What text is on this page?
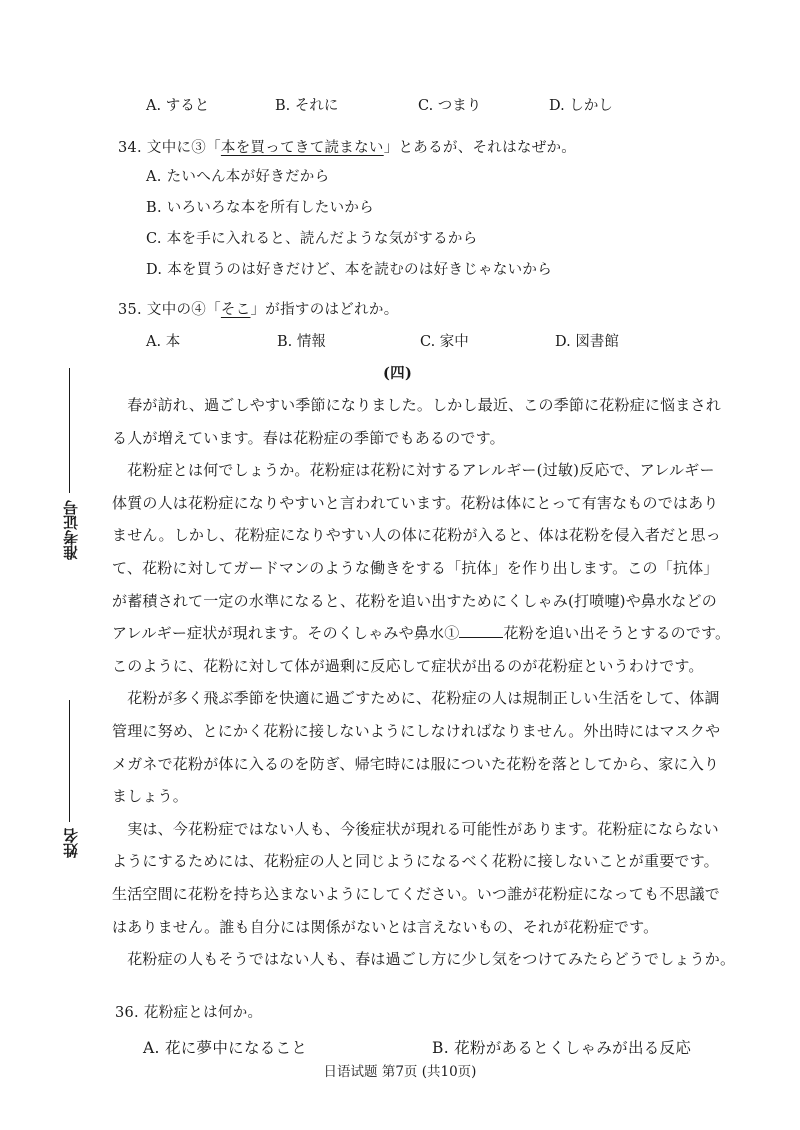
准考证号
姓名
A. すると	B. それに	C. つまり	D. しかし
34. 文中に③「本を買ってきて読まない」とあるが、それはなぜか。
A. たいへん本が好きだから
B. いろいろな本を所有したいから
C. 本を手に入れると、読んだような気がするから
D. 本を買うのは好きだけど、本を読むのは好きじゃないから
35. 文中の④「そこ」が指すのはどれか。
A. 本	B. 情報	C. 家中	D. 図書館
(四)
　春が訪れ、過ごしやすい季節になりました。しかし最近、この季節に花粉症に悩まされ
る人が増えています。春は花粉症の季節でもあるのです。
　花粉症とは何でしょうか。花粉症は花粉に対するアレルギー(过敏)反応で、アレルギー
体質の人は花粉症になりやすいと言われています。花粉は体にとって有害なものではあり
ません。しかし、花粉症になりやすい人の体に花粉が入ると、体は花粉を侵入者だと思っ
て、花粉に対してガードマンのような働きをする「抗体」を作り出します。この「抗体」
が蓄積されて一定の水準になると、花粉を追い出すためにくしゃみ(打喷嚏)や鼻水などの
アレルギー症状が現れます。そのくしゃみや鼻水①	花粉を追い出そうとするのです。
このように、花粉に対して体が過剰に反応して症状が出るのが花粉症というわけです。
　花粉が多く飛ぶ季節を快適に過ごすために、花粉症の人は規制正しい生活をして、体調
管理に努め、とにかく花粉に接しないようにしなければなりません。外出時にはマスクや
メガネで花粉が体に入るのを防ぎ、帰宅時には服についた花粉を落としてから、家に入り
ましょう。
　実は、今花粉症ではない人も、今後症状が現れる可能性があります。花粉症にならない
ようにするためには、花粉症の人と同じようになるべく花粉に接しないことが重要です。
生活空間に花粉を持ち込まないようにしてください。いつ誰が花粉症になっても不思議で
はありません。誰も自分には関係がないとは言えないもの、それが花粉症です。
　花粉症の人もそうではない人も、春は過ごし方に少し気をつけてみたらどうでしょうか。
36. 花粉症とは何か。
A. 花に夢中になること	B. 花粉があるとくしゃみが出る反応
日语试题 第7页 (共10页)
